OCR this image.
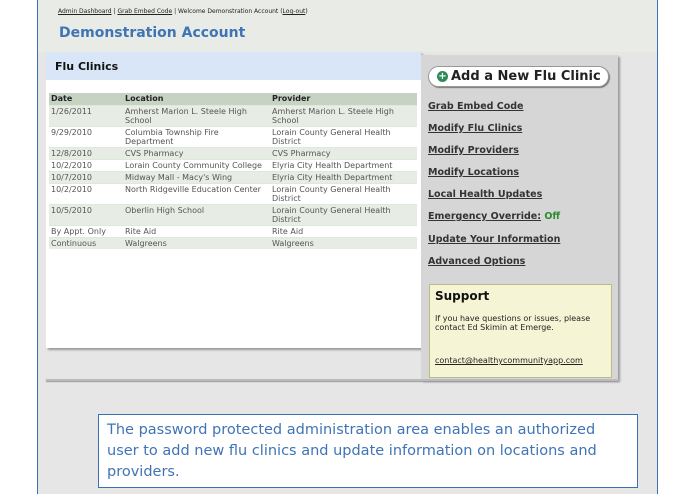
Admin Dashboard | Grab Embed Code | Welcome Demonstration Account (Log-out)
Demonstration Account
Flu Clinics
Date	Location	Provider
1/26/2011	Amherst Marion L. Steele High School	Amherst Marion L. Steele High School
9/29/2010	Columbia Township Fire Department	Lorain County General Health District
12/8/2010	CVS Pharmacy	CVS Pharmacy
10/2/2010	Lorain County Community College	Elyria City Health Department
10/7/2010	Midway Mall - Macy's Wing	Elyria City Health Department
10/2/2010	North Ridgeville Education Center	Lorain County General Health District
10/5/2010	Oberlin High School	Lorain County General Health District
By Appt. Only	Rite Aid	Rite Aid
Continuous	Walgreens	Walgreens
+ Add a New Flu Clinic
Grab Embed Code
Modify Flu Clinics
Modify Providers
Modify Locations
Local Health Updates
Emergency Override: Off
Update Your Information
Advanced Options
Support
If you have questions or issues, please contact Ed Skimin at Emerge.
contact@healthycommunityapp.com
The password protected administration area enables an authorized user to add new flu clinics and update information on locations and providers.
